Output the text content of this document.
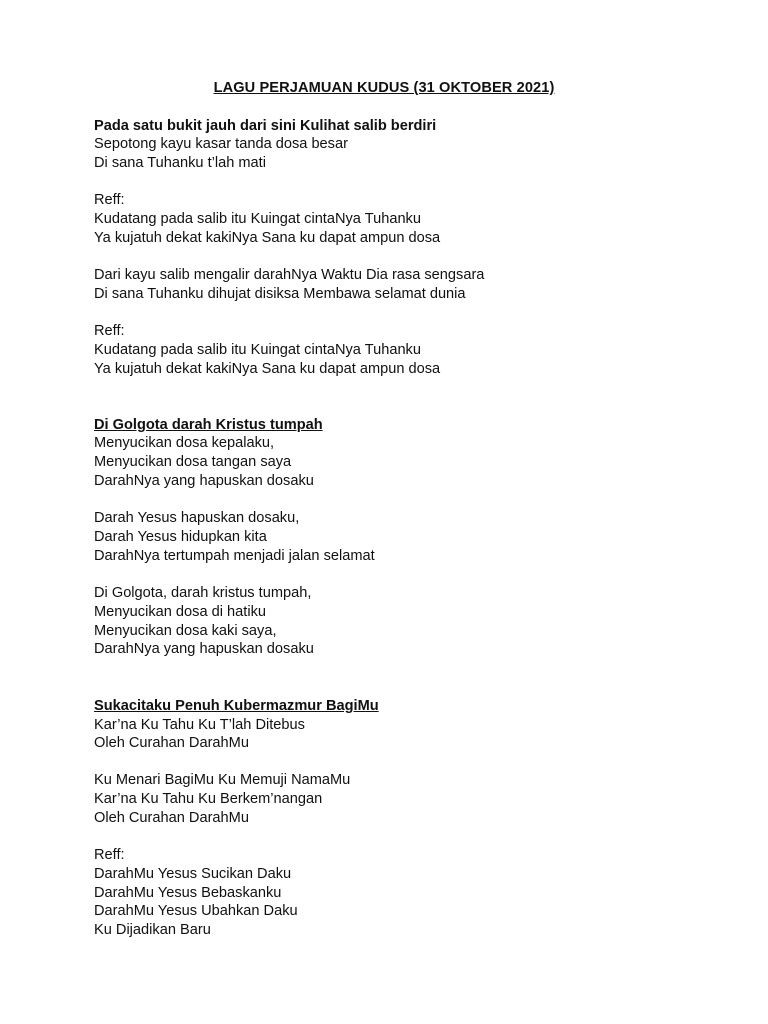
LAGU PERJAMUAN KUDUS (31 OKTOBER 2021)
Pada satu bukit jauh dari sini Kulihat salib berdiri
Sepotong kayu kasar tanda dosa besar
Di sana Tuhanku t’lah mati
Reff:
Kudatang pada salib itu Kuingat cintaNya Tuhanku
Ya kujatuh dekat kakiNya Sana ku dapat ampun dosa
Dari kayu salib mengalir darahNya Waktu Dia rasa sengsara
Di sana Tuhanku dihujat disiksa Membawa selamat dunia
Reff:
Kudatang pada salib itu Kuingat cintaNya Tuhanku
Ya kujatuh dekat kakiNya Sana ku dapat ampun dosa
Di Golgota darah Kristus tumpah
Menyucikan dosa kepalaku,
Menyucikan dosa tangan saya
DarahNya yang hapuskan dosaku
Darah Yesus hapuskan dosaku,
Darah Yesus hidupkan kita
DarahNya tertumpah menjadi jalan selamat
Di Golgota, darah kristus tumpah,
Menyucikan dosa di hatiku
Menyucikan dosa kaki saya,
DarahNya yang hapuskan dosaku
Sukacitaku Penuh Kubermazmur BagiMu
Kar’na Ku Tahu Ku T’lah Ditebus
Oleh Curahan DarahMu
Ku Menari BagiMu Ku Memuji NamaMu
Kar’na Ku Tahu Ku Berkem’nangan
Oleh Curahan DarahMu
Reff:
DarahMu Yesus Sucikan Daku
DarahMu Yesus Bebaskanku
DarahMu Yesus Ubahkan Daku
Ku Dijadikan Baru
